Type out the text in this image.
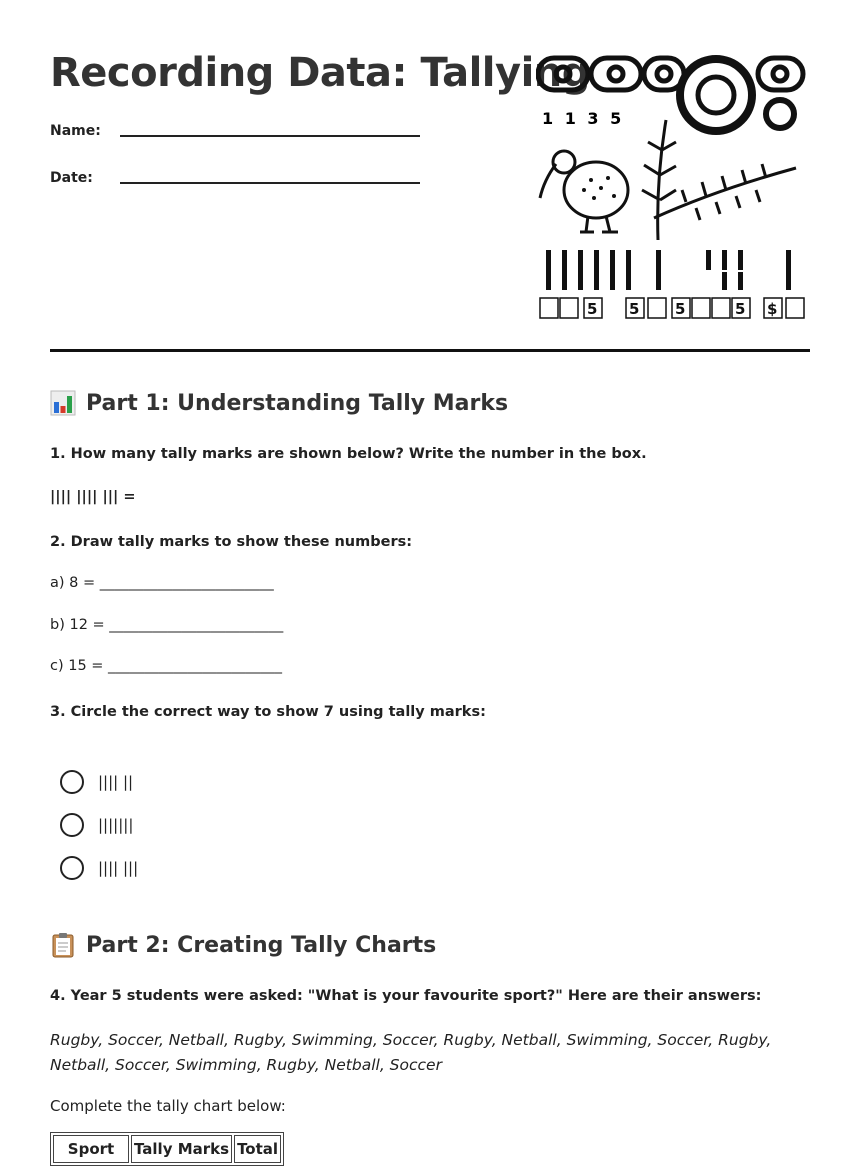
Recording Data: Tallying
Name:
Date:
1 1 3 5
5 5 5	5 $
Part 1: Understanding Tally Marks

1. How many tally marks are shown below? Write the number in the box.

|||| |||| ||| =

2. Draw tally marks to show these numbers:

a) 8 = ________________________

b) 12 = ________________________

c) 15 = ________________________

3. Circle the correct way to show 7 using tally marks:

|||| ||
|||||||
|||| |||
Part 2: Creating Tally Charts

4. Year 5 students were asked: "What is your favourite sport?" Here are their answers:

Rugby, Soccer, Netball, Rugby, Swimming, Soccer, Rugby, Netball, Swimming, Soccer, Rugby, Netball, Soccer, Swimming, Rugby, Netball, Soccer

Complete the tally chart below:

Sport	Tally Marks	Total
